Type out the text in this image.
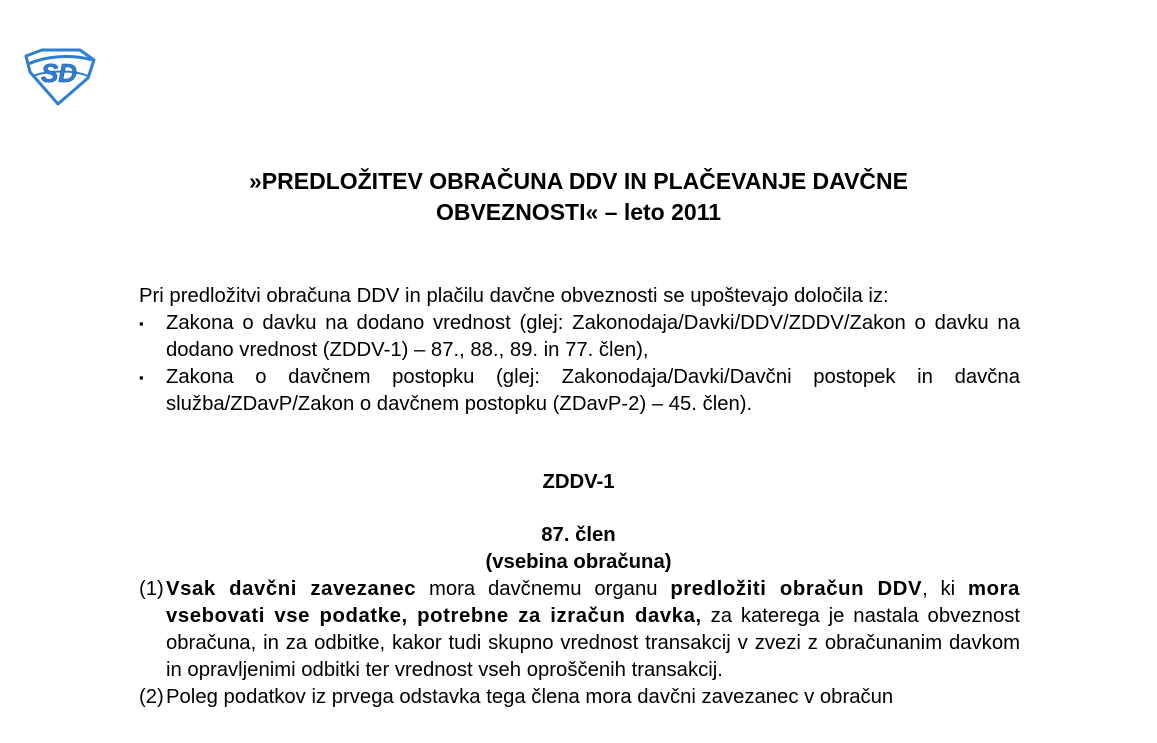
SD
»PREDLOŽITEV OBRAČUNA DDV IN PLAČEVANJE DAVČNE
OBVEZNOSTI« – leto 2011

Pri predložitvi obračuna DDV in plačilu davčne obveznosti se upoštevajo določila iz:

▪ Zakona o davku na dodano vrednost (glej: Zakonodaja/Davki/DDV/ZDDV/Zakon o davku na dodano vrednost (ZDDV-1) – 87., 88., 89. in 77. člen),
▪ Zakona o davčnem postopku (glej: Zakonodaja/Davki/Davčni postopek in davčna služba/ZDavP/Zakon o davčnem postopku (ZDavP-2) – 45. člen).
ZDDV-1
87. člen
(vsebina obračuna)

(1) Vsak davčni zavezanec mora davčnemu organu predložiti obračun DDV, ki mora vsebovati vse podatke, potrebne za izračun davka, za katerega je nastala obveznost obračuna, in za odbitke, kakor tudi skupno vrednost transakcij v zvezi z obračunanim davkom in opravljenimi odbitki ter vrednost vseh oproščenih transakcij.

(2) Poleg podatkov iz prvega odstavka tega člena mora davčni zavezanec v obračun
